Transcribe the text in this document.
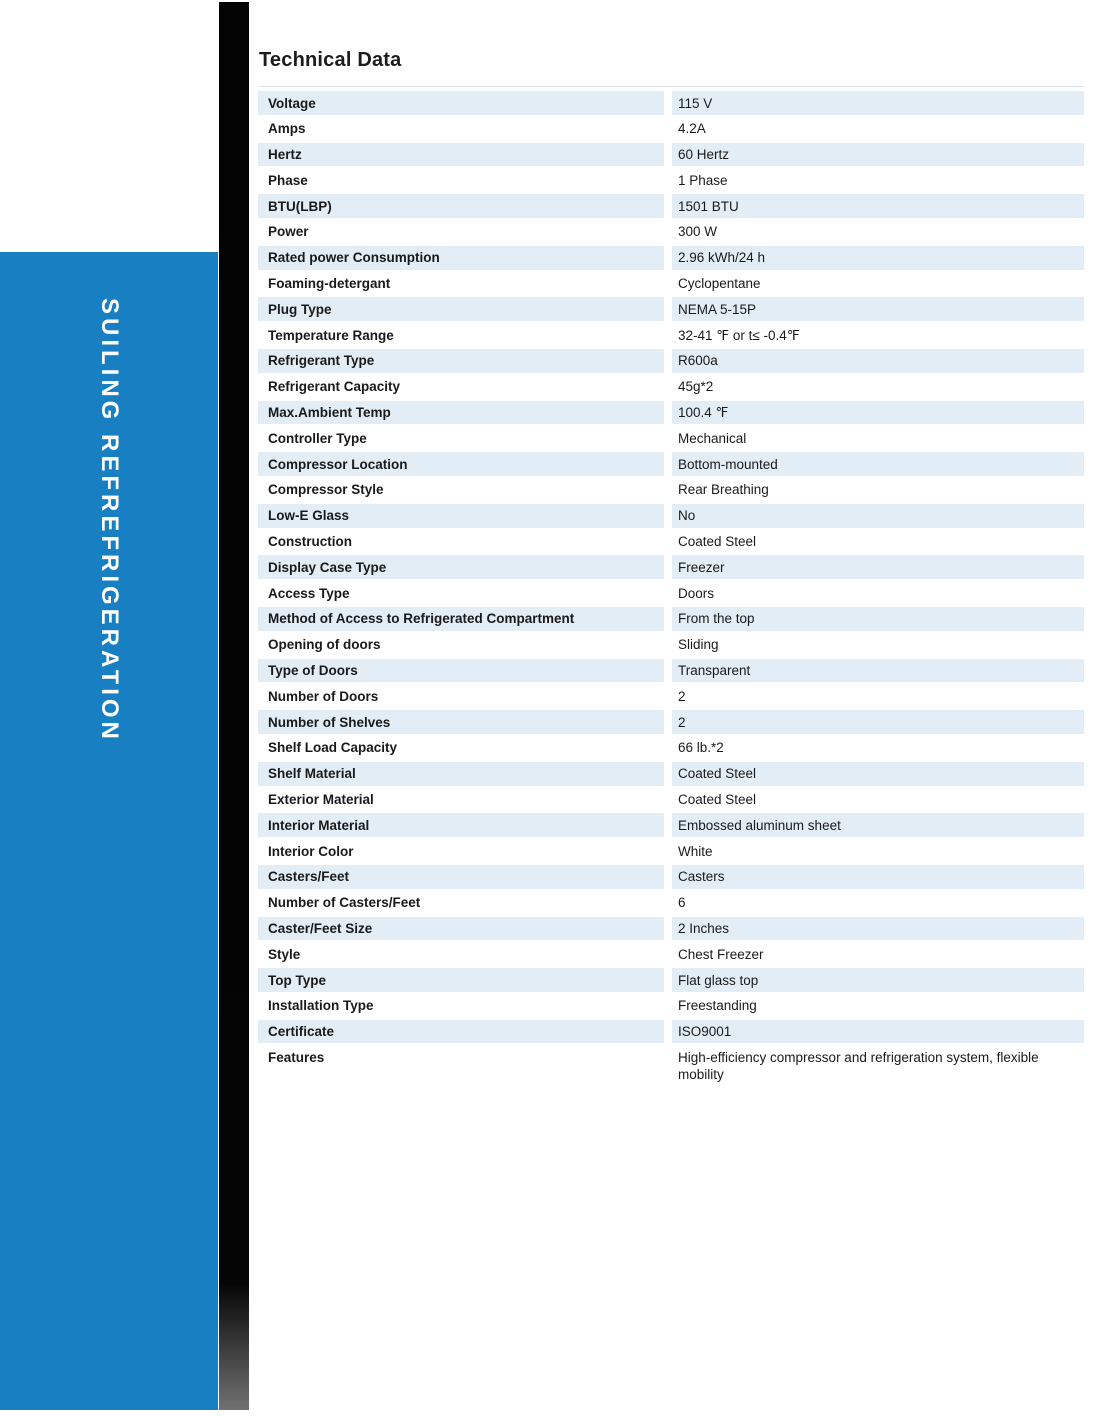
SUILING REFREFRIGERATION
Technical Data
Voltage	115 V
Amps	4.2A
Hertz	60 Hertz
Phase	1 Phase
BTU(LBP)	1501 BTU
Power	300 W
Rated power Consumption	2.96 kWh/24 h
Foaming-detergant	Cyclopentane
Plug Type	NEMA 5-15P
Temperature Range	32-41 ℉ or t≤ -0.4℉
Refrigerant Type	R600a
Refrigerant Capacity	45g*2
Max.Ambient Temp	100.4 ℉
Controller Type	Mechanical
Compressor Location	Bottom-mounted
Compressor Style	Rear Breathing
Low-E Glass	No
Construction	Coated Steel
Display Case Type	Freezer
Access Type	Doors
Method of Access to Refrigerated Compartment	From the top
Opening of doors	Sliding
Type of Doors	Transparent
Number of Doors	2
Number of Shelves	2
Shelf Load Capacity	66 lb.*2
Shelf Material	Coated Steel
Exterior Material	Coated Steel
Interior Material	Embossed aluminum sheet
Interior Color	White
Casters/Feet	Casters
Number of Casters/Feet	6
Caster/Feet Size	2 Inches
Style	Chest Freezer
Top Type	Flat glass top
Installation Type	Freestanding
Certificate	ISO9001
Features	High-efficiency compressor and refrigeration system, flexible mobility
